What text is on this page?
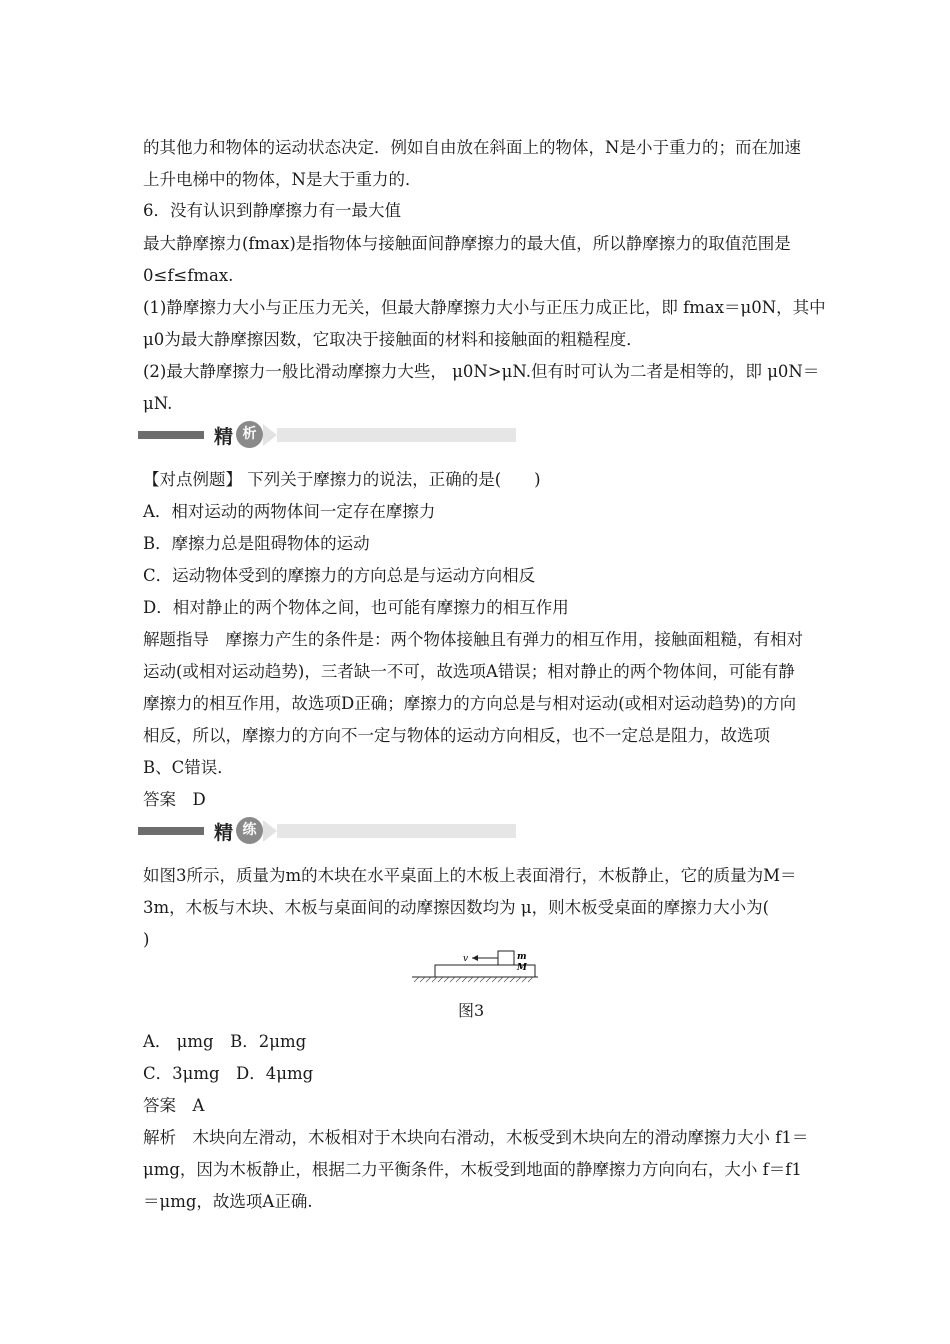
的其他力和物体的运动状态决定．例如自由放在斜面上的物体，N是小于重力的；而在加速
上升电梯中的物体，N是大于重力的．
6．没有认识到静摩擦力有一最大值
最大静摩擦力(fmax)是指物体与接触面间静摩擦力的最大值，所以静摩擦力的取值范围是
0≤f≤fmax.
(1)静摩擦力大小与正压力无关，但最大静摩擦力大小与正压力成正比，即 fmax＝μ0N，其中
μ0为最大静摩擦因数，它取决于接触面的材料和接触面的粗糙程度．
(2)最大静摩擦力一般比滑动摩擦力大些， μ0N>μN.但有时可认为二者是相等的，即 μ0N＝
μN.
精 析
【对点例题】 下列关于摩擦力的说法，正确的是(　　)
A．相对运动的两物体间一定存在摩擦力
B．摩擦力总是阻碍物体的运动
C．运动物体受到的摩擦力的方向总是与运动方向相反
D．相对静止的两个物体之间，也可能有摩擦力的相互作用
解题指导　摩擦力产生的条件是：两个物体接触且有弹力的相互作用，接触面粗糙，有相对
运动(或相对运动趋势)，三者缺一不可，故选项A错误；相对静止的两个物体间，可能有静
摩擦力的相互作用，故选项D正确；摩擦力的方向总是与相对运动(或相对运动趋势)的方向
相反，所以，摩擦力的方向不一定与物体的运动方向相反，也不一定总是阻力，故选项
B、C错误．
答案　D
精 练
如图3所示，质量为m的木块在水平桌面上的木板上表面滑行，木板静止，它的质量为M＝
3m，木板与木块、木板与桌面间的动摩擦因数均为 μ，则木板受桌面的摩擦力大小为(
)
v	m
M
图3
A． μmg　B．2μmg
C．3μmg　D．4μmg
答案　A
解析　木块向左滑动，木板相对于木块向右滑动，木板受到木块向左的滑动摩擦力大小 f1＝
μmg，因为木板静止，根据二力平衡条件，木板受到地面的静摩擦力方向向右，大小 f＝f1
＝μmg，故选项A正确.
